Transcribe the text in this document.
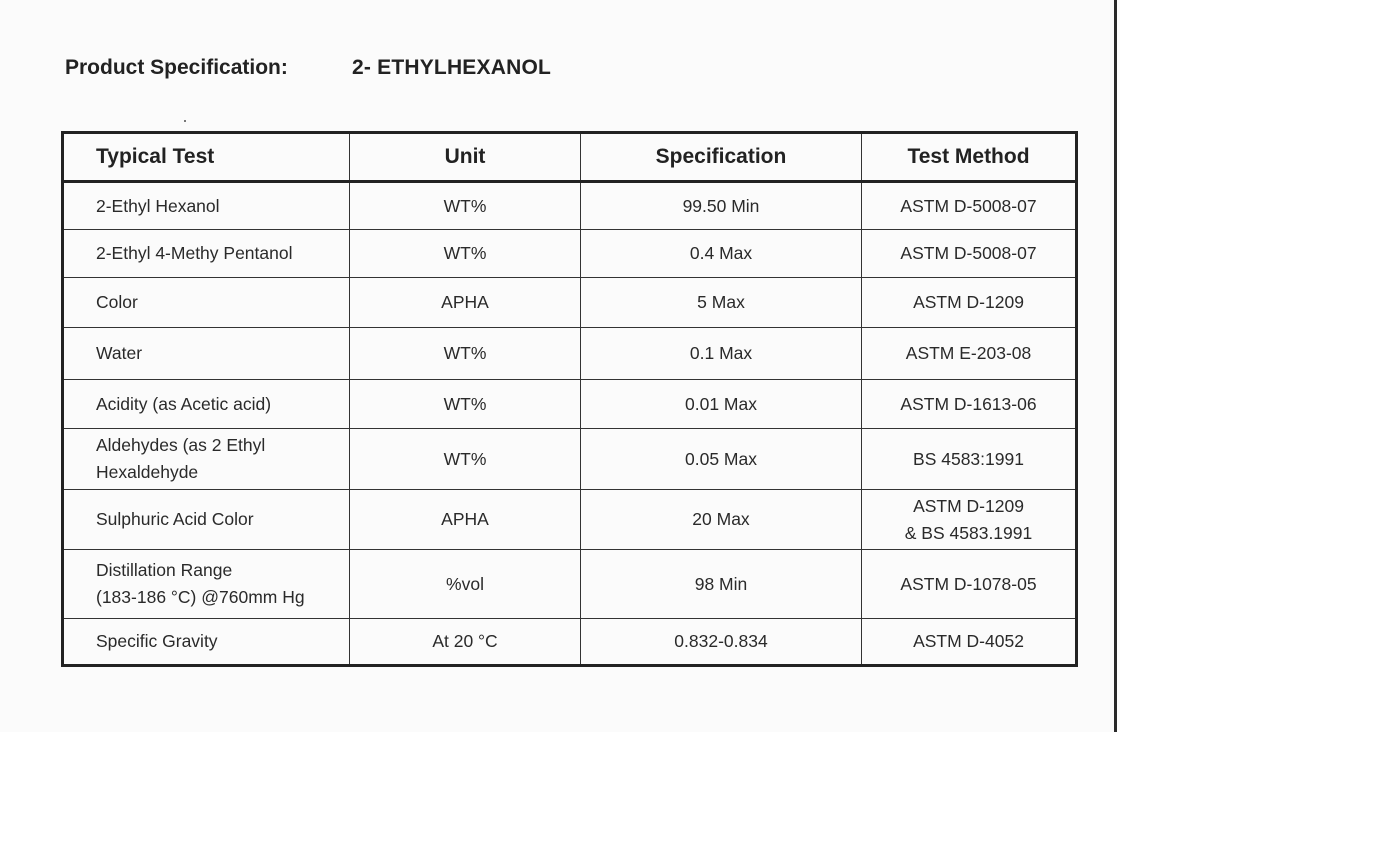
Product Specification:	2- ETHYLHEXANOL
Typical Test	Unit	Specification	Test Method
2-Ethyl Hexanol	WT%	99.50 Min	ASTM D-5008-07
2-Ethyl 4-Methy Pentanol	WT%	0.4 Max	ASTM D-5008-07
Color	APHA	5 Max	ASTM D-1209
Water	WT%	0.1 Max	ASTM E-203-08
Acidity (as Acetic acid)	WT%	0.01 Max	ASTM D-1613-06

Aldehydes (as 2 Ethyl
Hexaldehyde	WT%	0.05 Max	BS 4583:1991
Sulphuric Acid Color	APHA	20 Max	ASTM D-1209
& BS 4583.1991

Distillation Range
(183-186 °C) @760mm Hg	%vol	98 Min	ASTM D-1078-05
Specific Gravity	At 20 °C	0.832-0.834	ASTM D-4052
